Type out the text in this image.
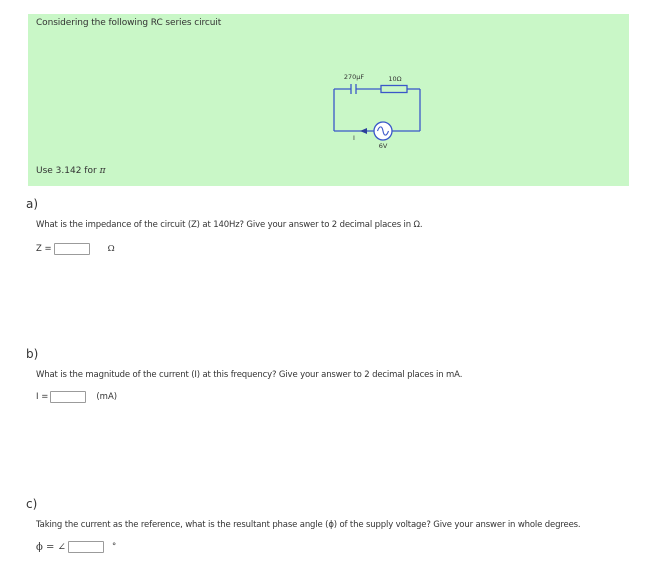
Considering the following RC series circuit
270μF	10Ω
6V
I
Use 3.142 for π
a)
What is the impedance of the circuit (Z) at 140Hz? Give your answer to 2 decimal places in Ω.
Z =	Ω
b)
What is the magnitude of the current (I) at this frequency? Give your answer to 2 decimal places in mA.
I =	(mA)
c)
Taking the current as the reference, what is the resultant phase angle (ϕ) of the supply voltage? Give your answer in whole degrees.
ϕ = ∠	°
